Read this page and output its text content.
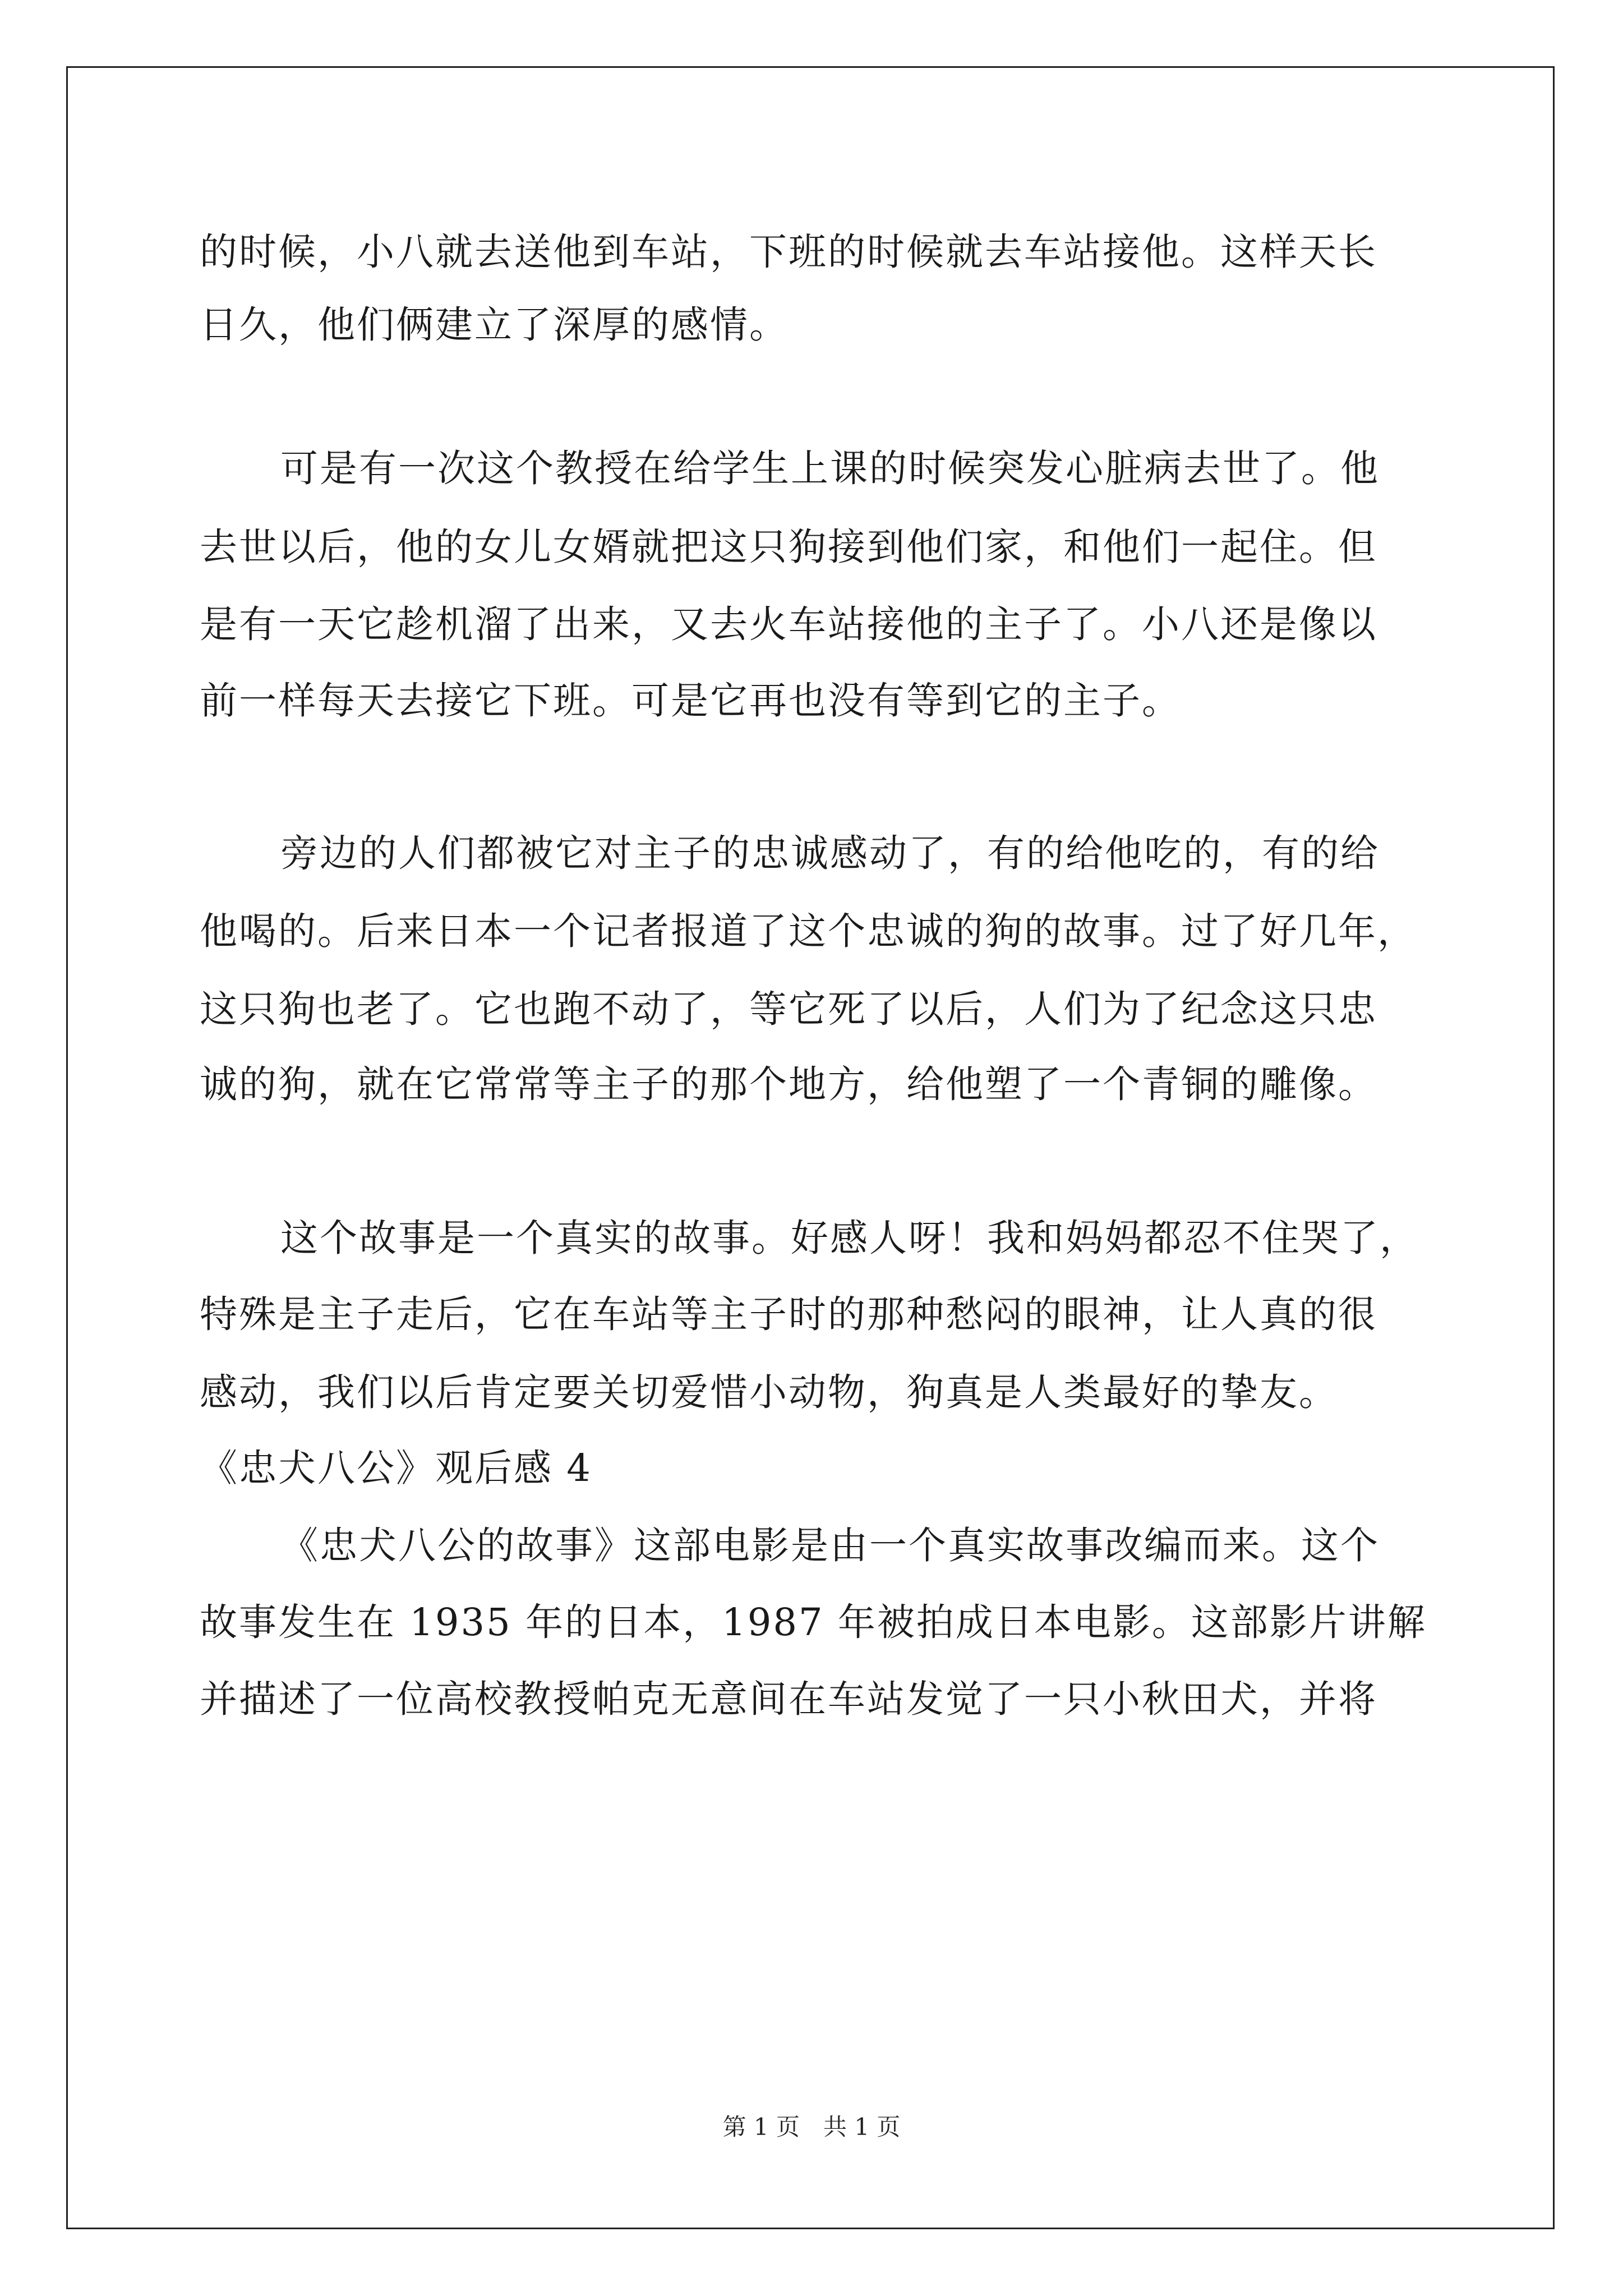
的时候，小八就去送他到车站，下班的时候就去车站接他。这样天长
日久，他们俩建立了深厚的感情。
可是有一次这个教授在给学生上课的时候突发心脏病去世了。他
去世以后，他的女儿女婿就把这只狗接到他们家，和他们一起住。但
是有一天它趁机溜了出来，又去火车站接他的主子了。小八还是像以
前一样每天去接它下班。可是它再也没有等到它的主子。
旁边的人们都被它对主子的忠诚感动了，有的给他吃的，有的给
他喝的。后来日本一个记者报道了这个忠诚的狗的故事。过了好几年，
这只狗也老了。它也跑不动了，等它死了以后，人们为了纪念这只忠
诚的狗，就在它常常等主子的那个地方，给他塑了一个青铜的雕像。
这个故事是一个真实的故事。好感人呀！我和妈妈都忍不住哭了，
特殊是主子走后，它在车站等主子时的那种愁闷的眼神，让人真的很
感动，我们以后肯定要关切爱惜小动物，狗真是人类最好的挚友。
《忠犬八公》观后感 4
《忠犬八公的故事》这部电影是由一个真实故事改编而来。这个
故事发生在 1935 年的日本，1987 年被拍成日本电影。这部影片讲解
并描述了一位高校教授帕克无意间在车站发觉了一只小秋田犬，并将
第 1 页　共 1 页
